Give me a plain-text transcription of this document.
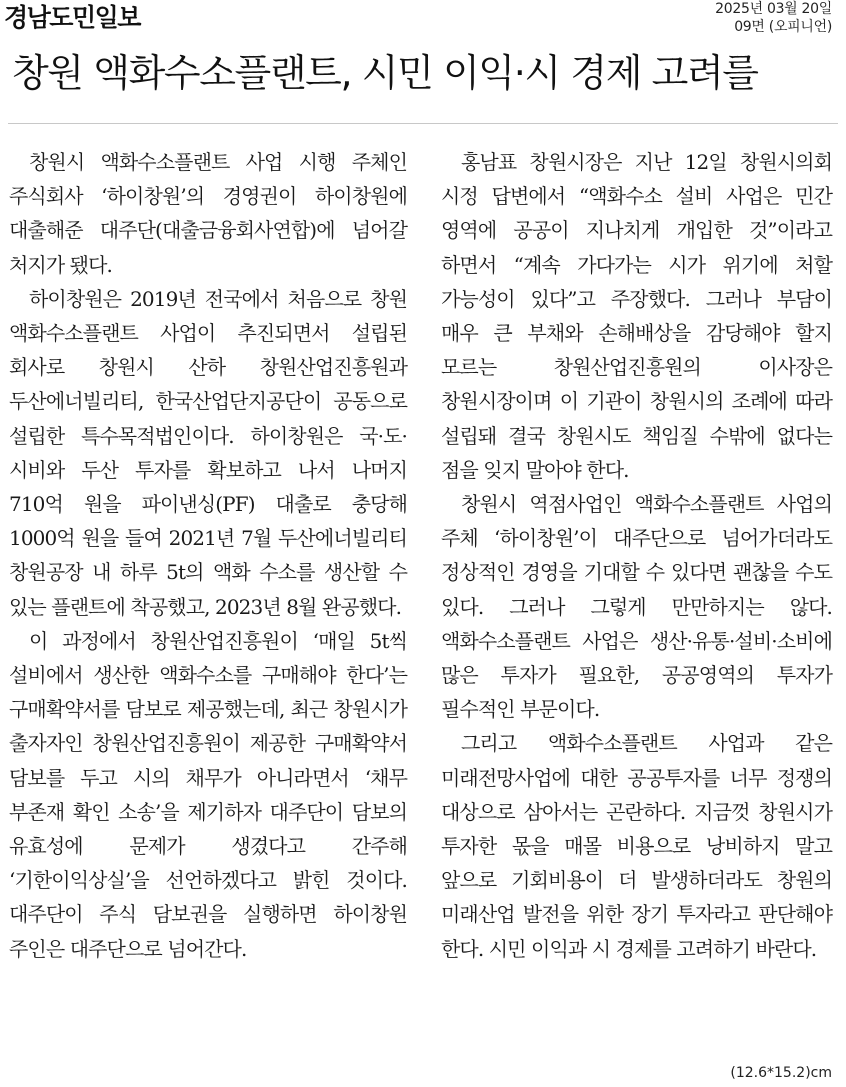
경남도민일보	2025년 03월 20일
09면 (오피니언)
창원 액화수소플랜트, 시민 이익·시 경제 고려를

창원시 액화수소플랜트 사업 시행 주체인 주식회사 ‘하이창원’의 경영권이 하이창원에 대출해준 대주단(대출금융회사연합)에 넘어갈 처지가 됐다.

하이창원은 2019년 전국에서 처음으로 창원 액화수소플랜트 사업이 추진되면서 설립된 회사로 창원시 산하 창원산업진흥원과 두산에너빌리티, 한국산업단지공단이 공동으로 설립한 특수목적법인이다. 하이창원은 국·도·시비와 두산 투자를 확보하고 나서 나머지 710억 원을 파이낸싱(PF) 대출로 충당해 1000억 원을 들여 2021년 7월 두산에너빌리티 창원공장 내 하루 5t의 액화 수소를 생산할 수 있는 플랜트에 착공했고, 2023년 8월 완공했다.

이 과정에서 창원산업진흥원이 ‘매일 5t씩 설비에서 생산한 액화수소를 구매해야 한다’는 구매확약서를 담보로 제공했는데, 최근 창원시가 출자자인 창원산업진흥원이 제공한 구매확약서 담보를 두고 시의 채무가 아니라면서 ‘채무 부존재 확인 소송’을 제기하자 대주단이 담보의 유효성에 문제가 생겼다고 간주해 ‘기한이익상실’을 선언하겠다고 밝힌 것이다. 대주단이 주식 담보권을 실행하면 하이창원 주인은 대주단으로 넘어간다.

홍남표 창원시장은 지난 12일 창원시의회 시정 답변에서 “액화수소 설비 사업은 민간 영역에 공공이 지나치게 개입한 것”이라고 하면서 “계속 가다가는 시가 위기에 처할 가능성이 있다”고 주장했다. 그러나 부담이 매우 큰 부채와 손해배상을 감당해야 할지 모르는 창원산업진흥원의 이사장은 창원시장이며 이 기관이 창원시의 조례에 따라 설립돼 결국 창원시도 책임질 수밖에 없다는 점을 잊지 말아야 한다.

창원시 역점사업인 액화수소플랜트 사업의 주체 ‘하이창원’이 대주단으로 넘어가더라도 정상적인 경영을 기대할 수 있다면 괜찮을 수도 있다. 그러나 그렇게 만만하지는 않다. 액화수소플랜트 사업은 생산·유통·설비·소비에 많은 투자가 필요한, 공공영역의 투자가 필수적인 부문이다.

그리고 액화수소플랜트 사업과 같은 미래전망사업에 대한 공공투자를 너무 정쟁의 대상으로 삼아서는 곤란하다. 지금껏 창원시가 투자한 몫을 매몰 비용으로 낭비하지 말고 앞으로 기회비용이 더 발생하더라도 창원의 미래산업 발전을 위한 장기 투자라고 판단해야 한다. 시민 이익과 시 경제를 고려하기 바란다.

(12.6*15.2)cm
